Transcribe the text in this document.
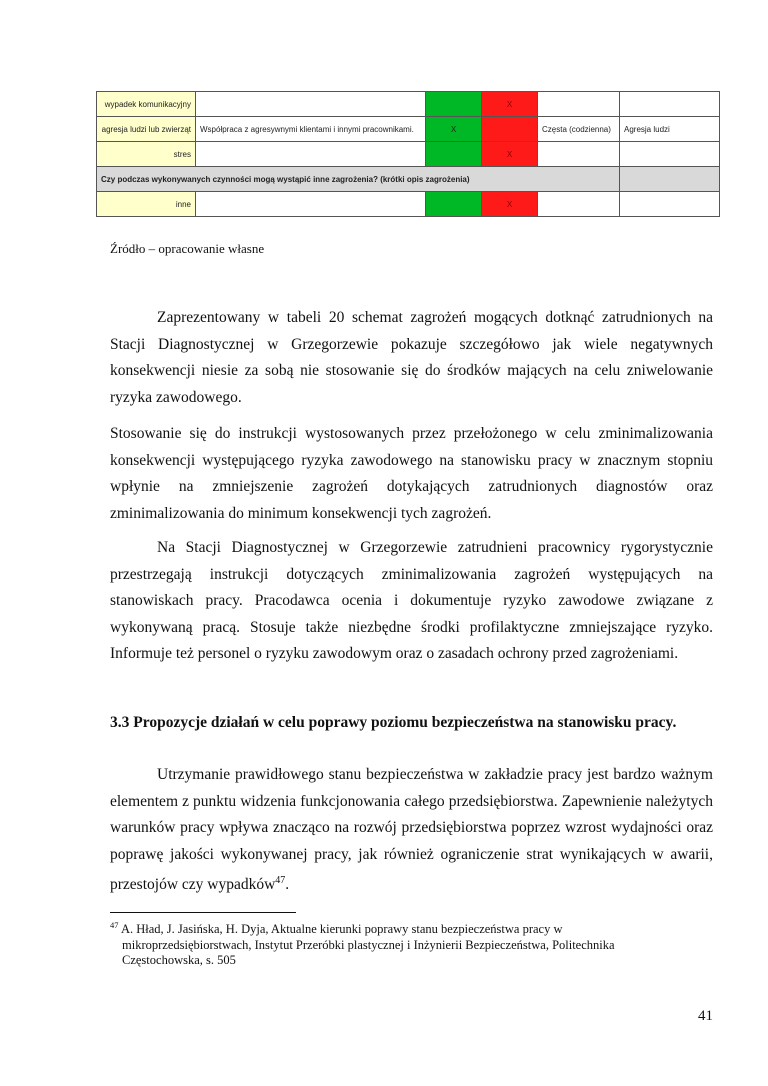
wypadek komunikacyjny			X		
agresja ludzi lub zwierząt	Współpraca z agresywnymi klientami i innymi pracownikami.	X		Częsta (codzienna)	Agresja ludzi
stres			X		
Czy podczas wykonywanych czynności mogą wystąpić inne zagrożenia? (krótki opis zagrożenia)					
inne			X		
Źródło – opracowanie własne

Zaprezentowany w tabeli 20 schemat zagrożeń mogących dotknąć zatrudnionych na Stacji Diagnostycznej w Grzegorzewie pokazuje szczegółowo jak wiele negatywnych konsekwencji niesie za sobą nie stosowanie się do środków mających na celu zniwelowanie ryzyka zawodowego.

Stosowanie się do instrukcji wystosowanych przez przełożonego w celu zminimalizowania konsekwencji występującego ryzyka zawodowego na stanowisku pracy w znacznym stopniu wpłynie na zmniejszenie zagrożeń dotykających zatrudnionych diagnostów oraz zminimalizowania do minimum konsekwencji tych zagrożeń.

Na Stacji Diagnostycznej w Grzegorzewie zatrudnieni pracownicy rygorystycznie przestrzegają instrukcji dotyczących zminimalizowania zagrożeń występujących na stanowiskach pracy. Pracodawca ocenia i dokumentuje ryzyko zawodowe związane z wykonywaną pracą. Stosuje także niezbędne środki profilaktyczne zmniejszające ryzyko. Informuje też personel o ryzyku zawodowym oraz o zasadach ochrony przed zagrożeniami.

3.3 Propozycje działań w celu poprawy poziomu bezpieczeństwa na stanowisku pracy.

Utrzymanie prawidłowego stanu bezpieczeństwa w zakładzie pracy jest bardzo ważnym elementem z punktu widzenia funkcjonowania całego przedsiębiorstwa. Zapewnienie należytych warunków pracy wpływa znacząco na rozwój przedsiębiorstwa poprzez wzrost wydajności oraz poprawę jakości wykonywanej pracy, jak również ograniczenie strat wynikających w awarii, przestojów czy wypadków$^{47}$.

$^{47}$ A. Hład, J. Jasińska, H. Dyja, Aktualne kierunki poprawy stanu bezpieczeństwa pracy w
mikroprzedsiębiorstwach, Instytut Przeróbki plastycznej i Inżynierii Bezpieczeństwa, Politechnika
Częstochowska, s. 505

41
